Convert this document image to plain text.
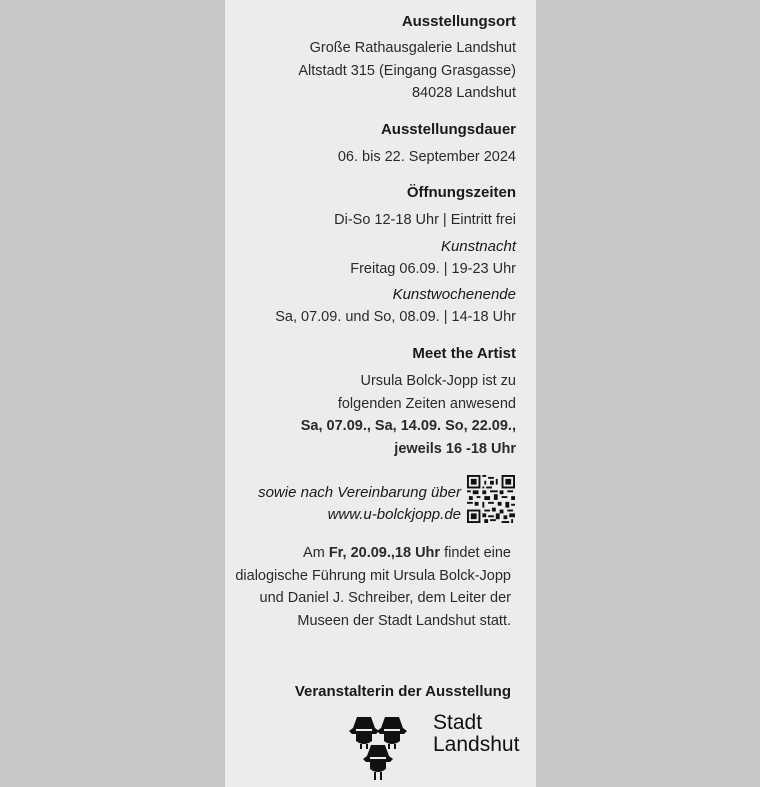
Ausstellungsort
Große Rathausgalerie Landshut
Altstadt 315 (Eingang Grasgasse)
84028 Landshut
Ausstellungsdauer
06. bis 22. September 2024
Öffnungszeiten
Di-So 12-18 Uhr | Eintritt frei
Kunstnacht
Freitag 06.09. | 19-23 Uhr
Kunstwochenende
Sa, 07.09. und So, 08.09. | 14-18 Uhr
Meet the Artist
Ursula Bolck-Jopp ist zu
folgenden Zeiten anwesend
Sa, 07.09., Sa, 14.09. So, 22.09.,
jeweils 16 -18 Uhr
sowie nach Vereinbarung über
www.u-bolckjopp.de
Am Fr, 20.09.,18 Uhr findet eine
dialogische Führung mit Ursula Bolck-Jopp
und Daniel J. Schreiber, dem Leiter der
Museen der Stadt Landshut statt.
Veranstalterin der Ausstellung
Stadt
Landshut
